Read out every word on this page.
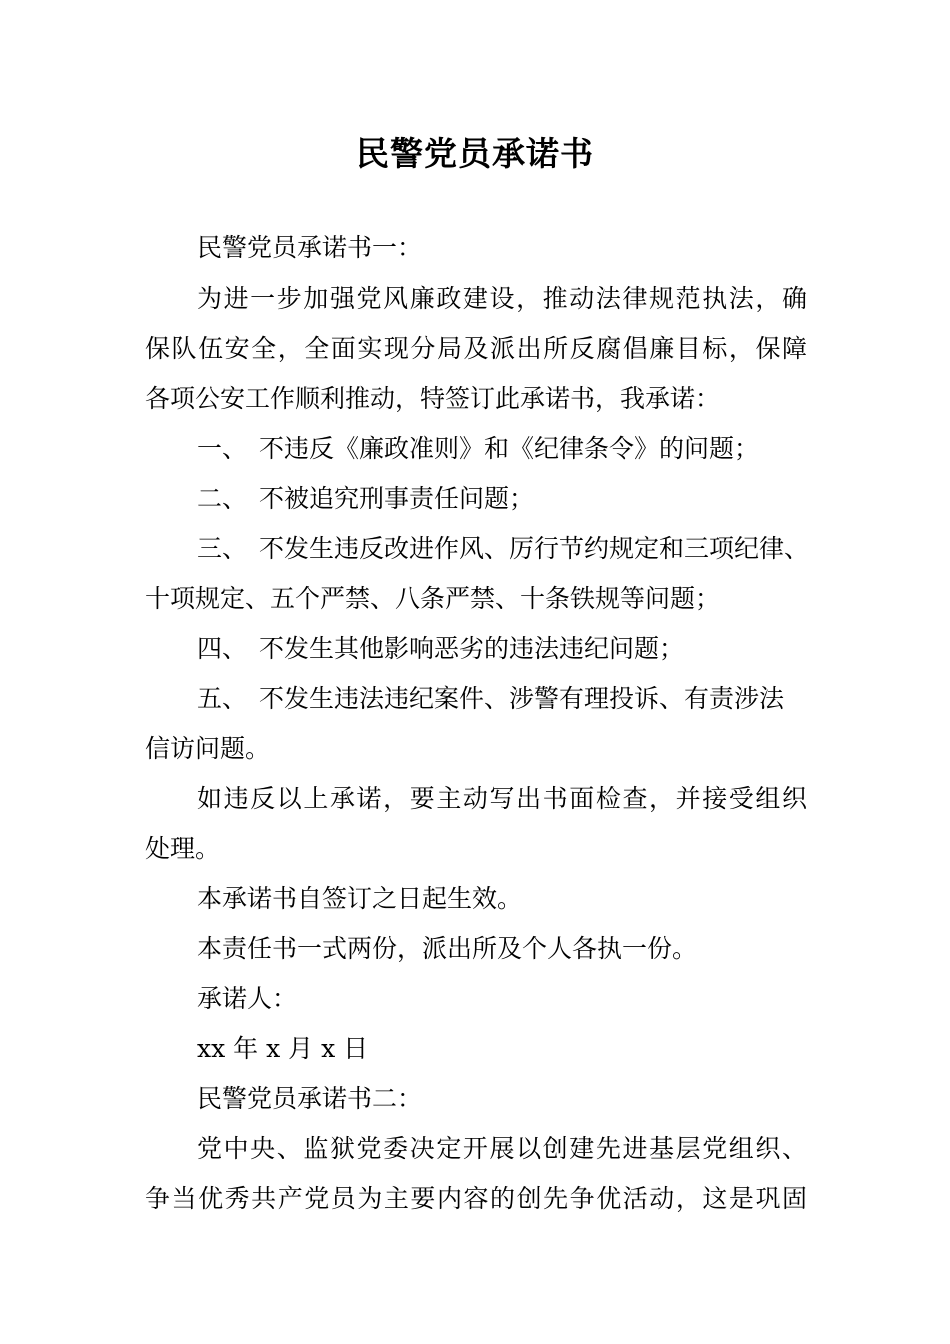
民警党员承诺书

民警党员承诺书一：

为进一步加强党风廉政建设，推动法律规范执法，确

保队伍安全，全面实现分局及派出所反腐倡廉目标，保障

各项公安工作顺利推动，特签订此承诺书，我承诺：

一、 不违反《廉政准则》和《纪律条令》的问题；

二、 不被追究刑事责任问题；

三、 不发生违反改进作风、厉行节约规定和三项纪律、

十项规定、五个严禁、八条严禁、十条铁规等问题；

四、 不发生其他影响恶劣的违法违纪问题；

五、 不发生违法违纪案件、涉警有理投诉、有责涉法

信访问题。

如违反以上承诺，要主动写出书面检查，并接受组织

处理。

本承诺书自签订之日起生效。

本责任书一式两份，派出所及个人各执一份。

承诺人：

xx 年 x 月 x 日

民警党员承诺书二：

党中央、监狱党委决定开展以创建先进基层党组织、

争当优秀共产党员为主要内容的创先争优活动，这是巩固
